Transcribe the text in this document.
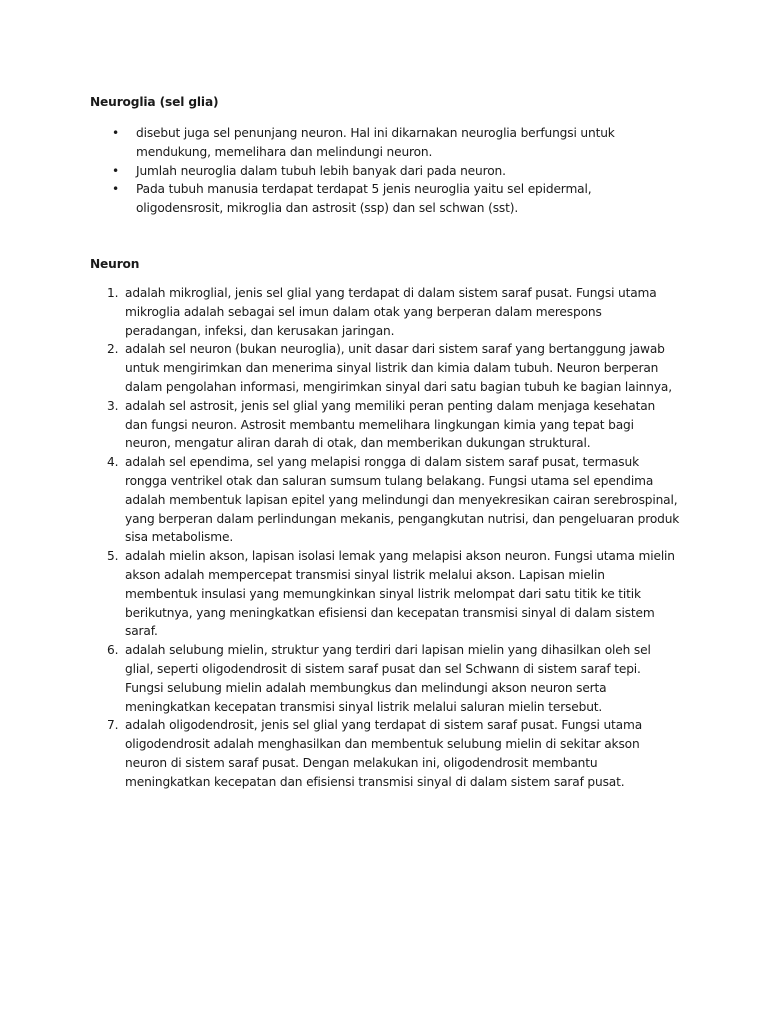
Neuroglia (sel glia)

• disebut juga sel penunjang neuron. Hal ini dikarnakan neuroglia berfungsi untuk mendukung, memelihara dan melindungi neuron.
• Jumlah neuroglia dalam tubuh lebih banyak dari pada neuron.
• Pada tubuh manusia terdapat terdapat 5 jenis neuroglia yaitu sel epidermal, oligodensrosit, mikroglia dan astrosit (ssp) dan sel schwan (sst).

Neuron

1. adalah mikroglial, jenis sel glial yang terdapat di dalam sistem saraf pusat. Fungsi utama mikroglia adalah sebagai sel imun dalam otak yang berperan dalam merespons peradangan, infeksi, dan kerusakan jaringan.
2. adalah sel neuron (bukan neuroglia), unit dasar dari sistem saraf yang bertanggung jawab untuk mengirimkan dan menerima sinyal listrik dan kimia dalam tubuh. Neuron berperan dalam pengolahan informasi, mengirimkan sinyal dari satu bagian tubuh ke bagian lainnya,
3. adalah sel astrosit, jenis sel glial yang memiliki peran penting dalam menjaga kesehatan dan fungsi neuron. Astrosit membantu memelihara lingkungan kimia yang tepat bagi neuron, mengatur aliran darah di otak, dan memberikan dukungan struktural.
4. adalah sel ependima, sel yang melapisi rongga di dalam sistem saraf pusat, termasuk rongga ventrikel otak dan saluran sumsum tulang belakang. Fungsi utama sel ependima adalah membentuk lapisan epitel yang melindungi dan menyekresikan cairan serebrospinal, yang berperan dalam perlindungan mekanis, pengangkutan nutrisi, dan pengeluaran produk sisa metabolisme.
5. adalah mielin akson, lapisan isolasi lemak yang melapisi akson neuron. Fungsi utama mielin akson adalah mempercepat transmisi sinyal listrik melalui akson. Lapisan mielin membentuk insulasi yang memungkinkan sinyal listrik melompat dari satu titik ke titik berikutnya, yang meningkatkan efisiensi dan kecepatan transmisi sinyal di dalam sistem saraf.
6. adalah selubung mielin, struktur yang terdiri dari lapisan mielin yang dihasilkan oleh sel glial, seperti oligodendrosit di sistem saraf pusat dan sel Schwann di sistem saraf tepi. Fungsi selubung mielin adalah membungkus dan melindungi akson neuron serta meningkatkan kecepatan transmisi sinyal listrik melalui saluran mielin tersebut.
7. adalah oligodendrosit, jenis sel glial yang terdapat di sistem saraf pusat. Fungsi utama oligodendrosit adalah menghasilkan dan membentuk selubung mielin di sekitar akson neuron di sistem saraf pusat. Dengan melakukan ini, oligodendrosit membantu meningkatkan kecepatan dan efisiensi transmisi sinyal di dalam sistem saraf pusat.
